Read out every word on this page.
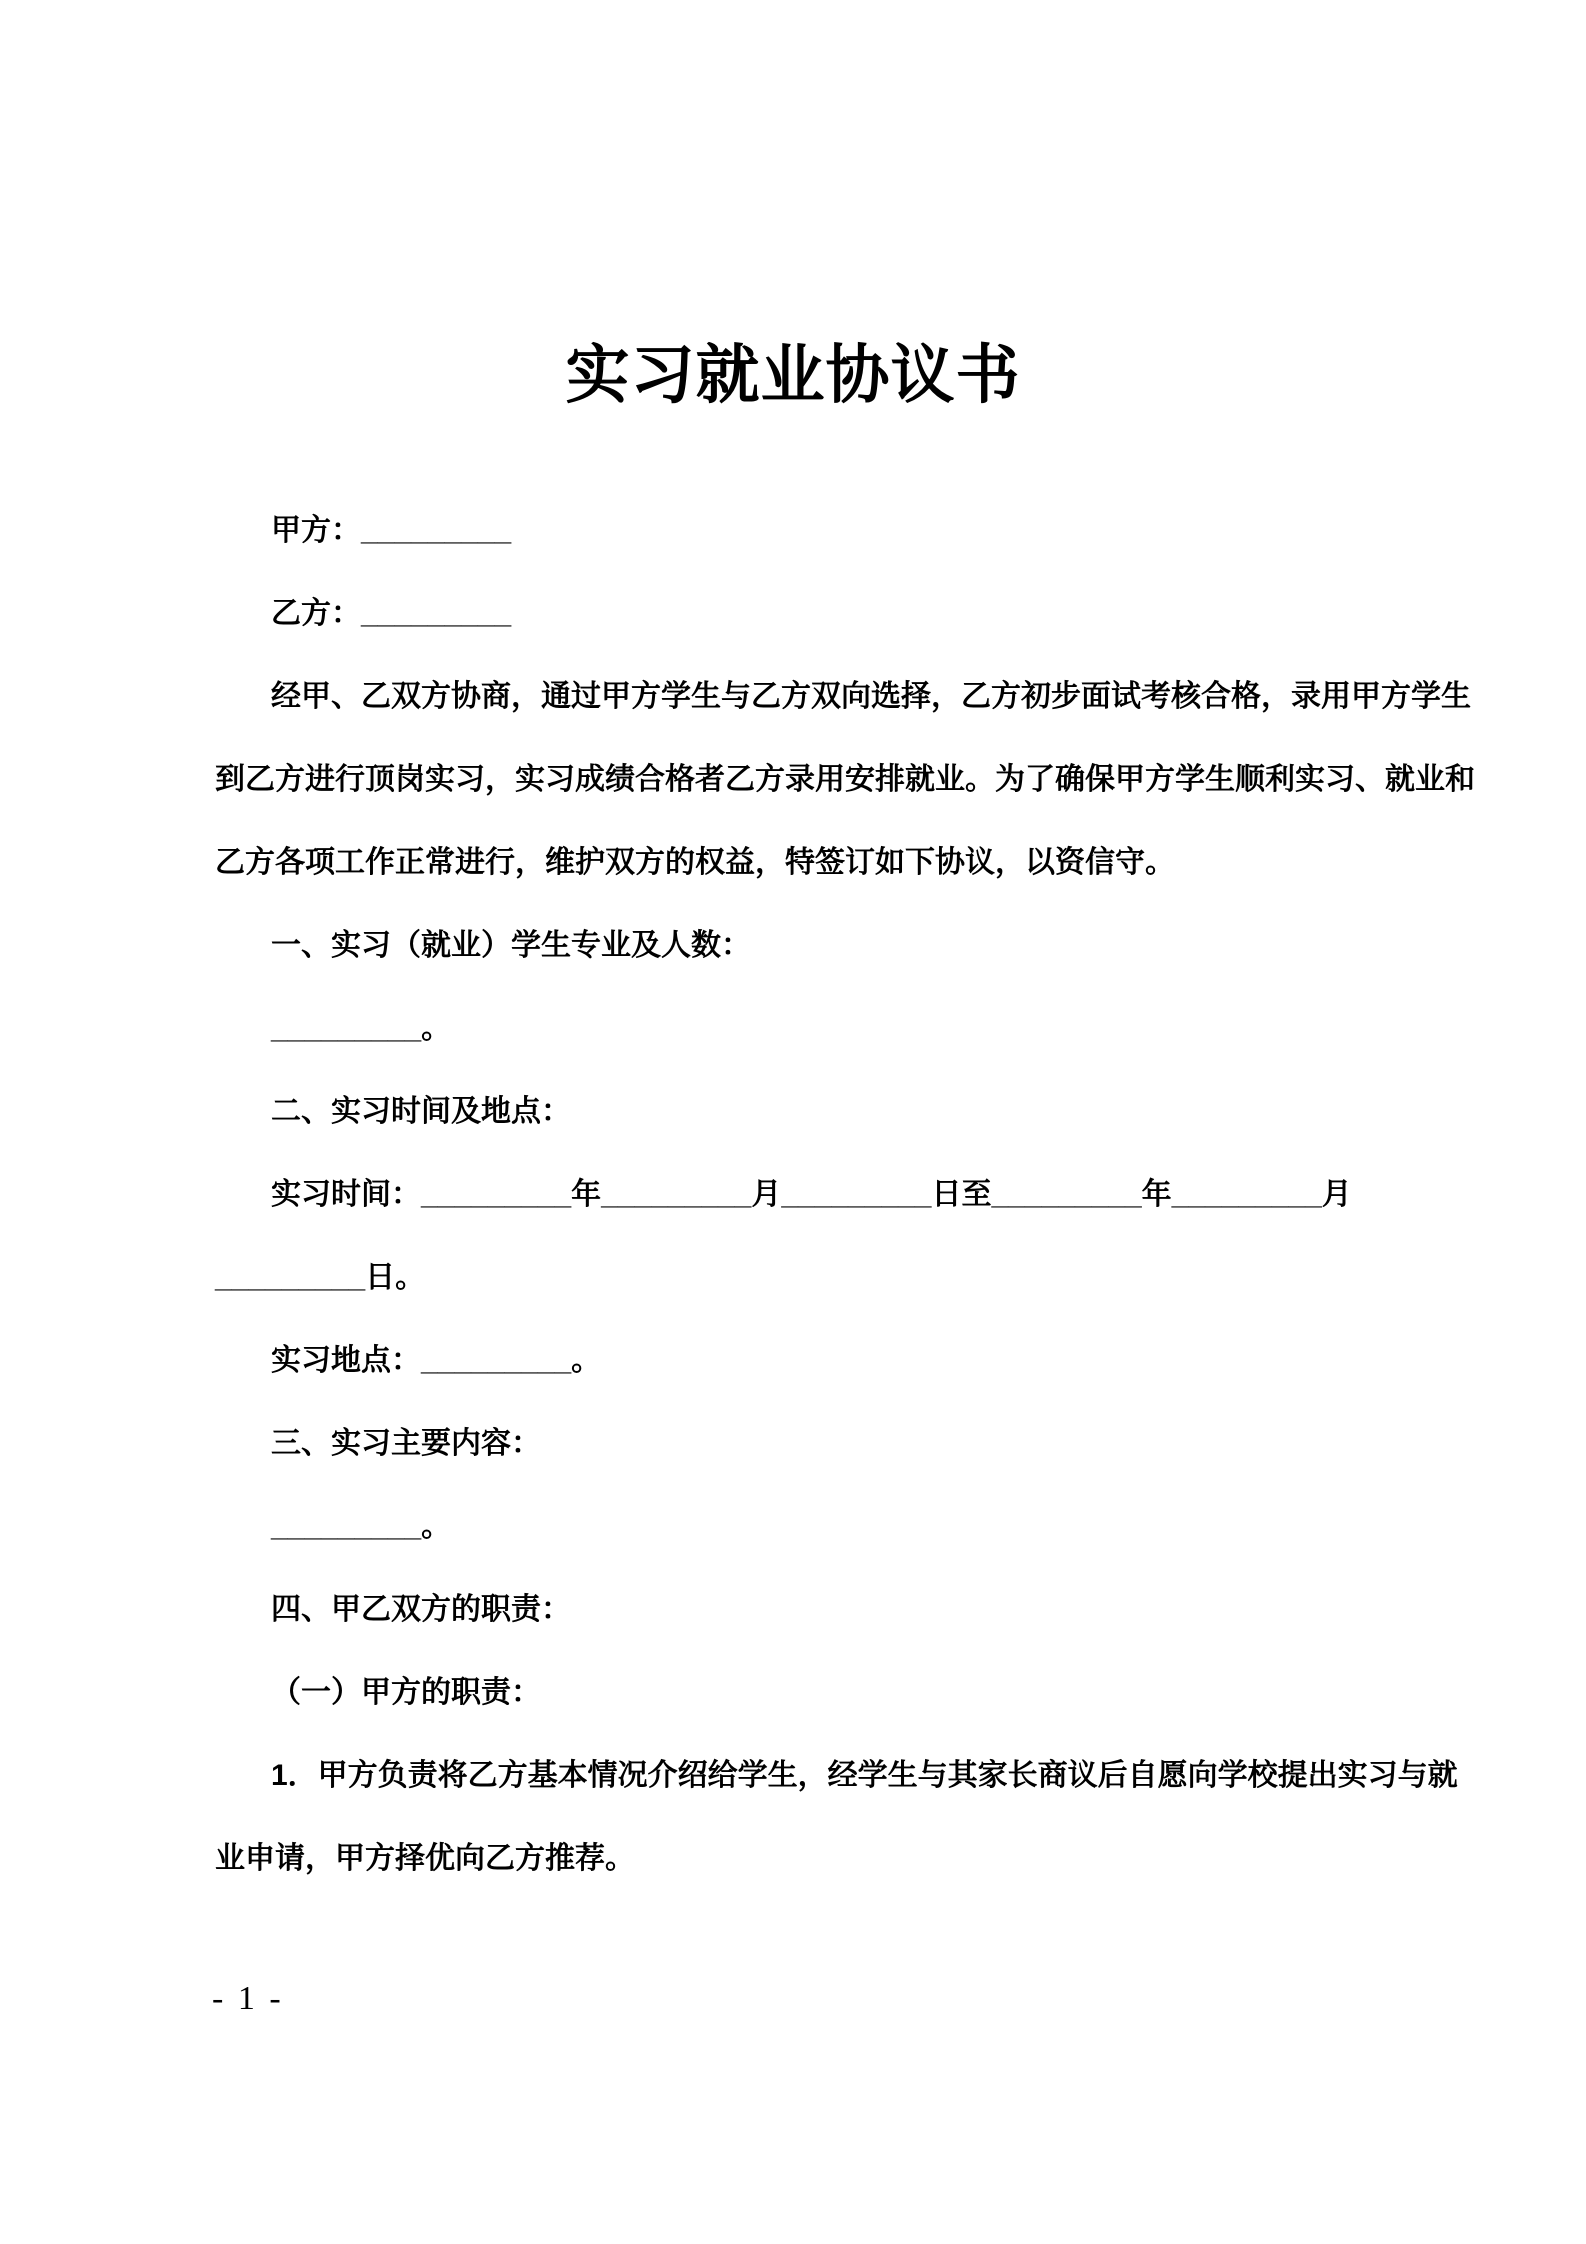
实习就业协议书
甲方：_________
乙方：_________
经甲、乙双方协商，通过甲方学生与乙方双向选择，乙方初步面试考核合格，录用甲方学生
到乙方进行顶岗实习，实习成绩合格者乙方录用安排就业。为了确保甲方学生顺利实习、就业和
乙方各项工作正常进行，维护双方的权益，特签订如下协议，以资信守。
一、实习（就业）学生专业及人数：
_________。
二、实习时间及地点：
实习时间：_________年_________月_________日至_________年_________月
_________日。
实习地点：_________。
三、实习主要内容：
_________。
四、甲乙双方的职责：
（一）甲方的职责：
1．甲方负责将乙方基本情况介绍给学生，经学生与其家长商议后自愿向学校提出实习与就
业申请，甲方择优向乙方推荐。
- 1 -
